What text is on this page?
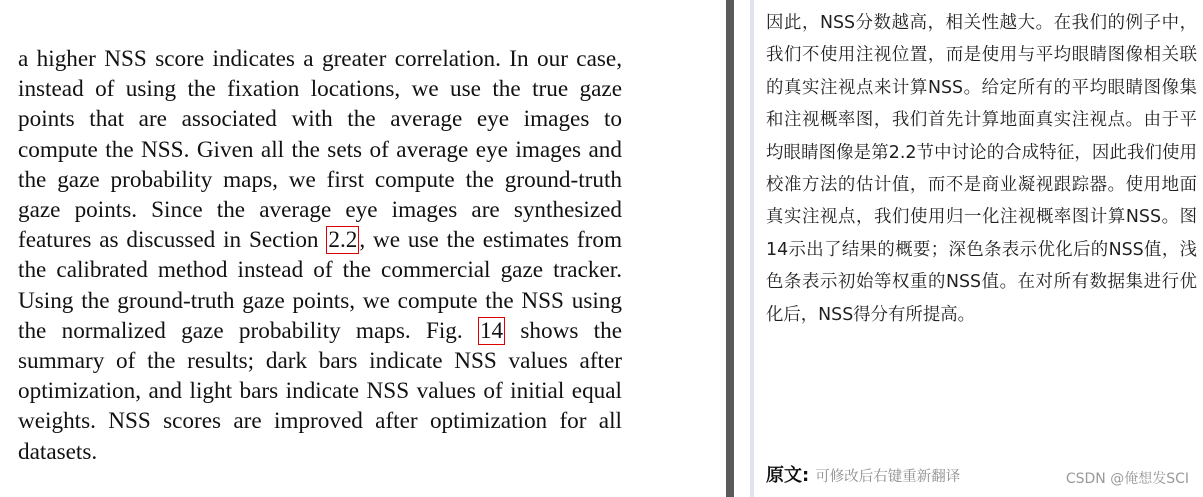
a higher NSS score indicates a greater correlation. In our case, instead of using the fixation locations, we use the true gaze points that are associated with the average eye images to compute the NSS. Given all the sets of average eye images and the gaze probability maps, we first compute the ground-truth gaze points. Since the average eye images are synthesized features as discussed in Section 2.2, we use the estimates from the calibrated method instead of the commercial gaze tracker. Using the ground-truth gaze points, we compute the NSS using the normalized gaze probability maps. Fig. 14 shows the summary of the results; dark bars indicate NSS values after optimization, and light bars indicate NSS values of initial equal weights. NSS scores are improved after optimization for all datasets.

因此，NSS分数越高，相关性越大。在我们的例子中，我们不使用注视位置，而是使用与平均眼睛图像相关联的真实注视点来计算NSS。给定所有的平均眼睛图像集和注视概率图，我们首先计算地面真实注视点。由于平均眼睛图像是第2.2节中讨论的合成特征，因此我们使用校准方法的估计值，而不是商业凝视跟踪器。使用地面真实注视点，我们使用归一化注视概率图计算NSS。图14示出了结果的概要；深色条表示优化后的NSS值，浅色条表示初始等权重的NSS值。在对所有数据集进行优化后，NSS得分有所提高。

原文: 可修改后右键重新翻译	CSDN @俺想发SCI
